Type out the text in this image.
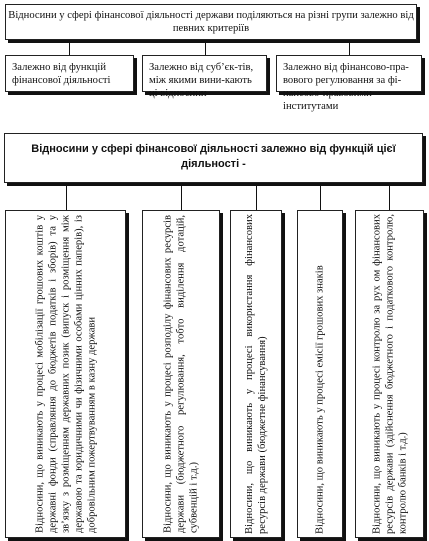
Відносини у сфері фінансової діяльності держави поділяються на різні групи залежно від певних критеріїв
Залежно від функцій фінансової діяльності
Залежно від суб’єк-тів, між якими вини-кають ці відносини
Залежно від фінансово-пра-вового регулювання за фі-нансово-правовими інститутами
Відносини у сфері фінансової діяльності залежно від функцій цієї діяльності -
Відносини, що виникають у процесі мобілізації грошових коштів у державні фонди (справляння до бюджетів податків і зборів) та у зв’язку з розміщенням державних позик (випуск і розміщення між державою та юридичними чи фізичними особами цінних паперів), із добровільним пожертвуванням в казну держави	Відносини, що виникають у процесі розподілу фінансових ресурсів держави (бюджетного регулювання, тобто виділення дотацій, субвенцій і т.д.)	Відносини, що виникають у процесі використання фінансових ресурсів держави (бюджетне фінансування)	Відносини, що виникають у процесі емісії грошових знаків	Відносини, що виникають у процесі контролю за рух ом фінансових ресурсів держави (здійснення бюджетного і податкового контролю, контролю банків і т.д.)
